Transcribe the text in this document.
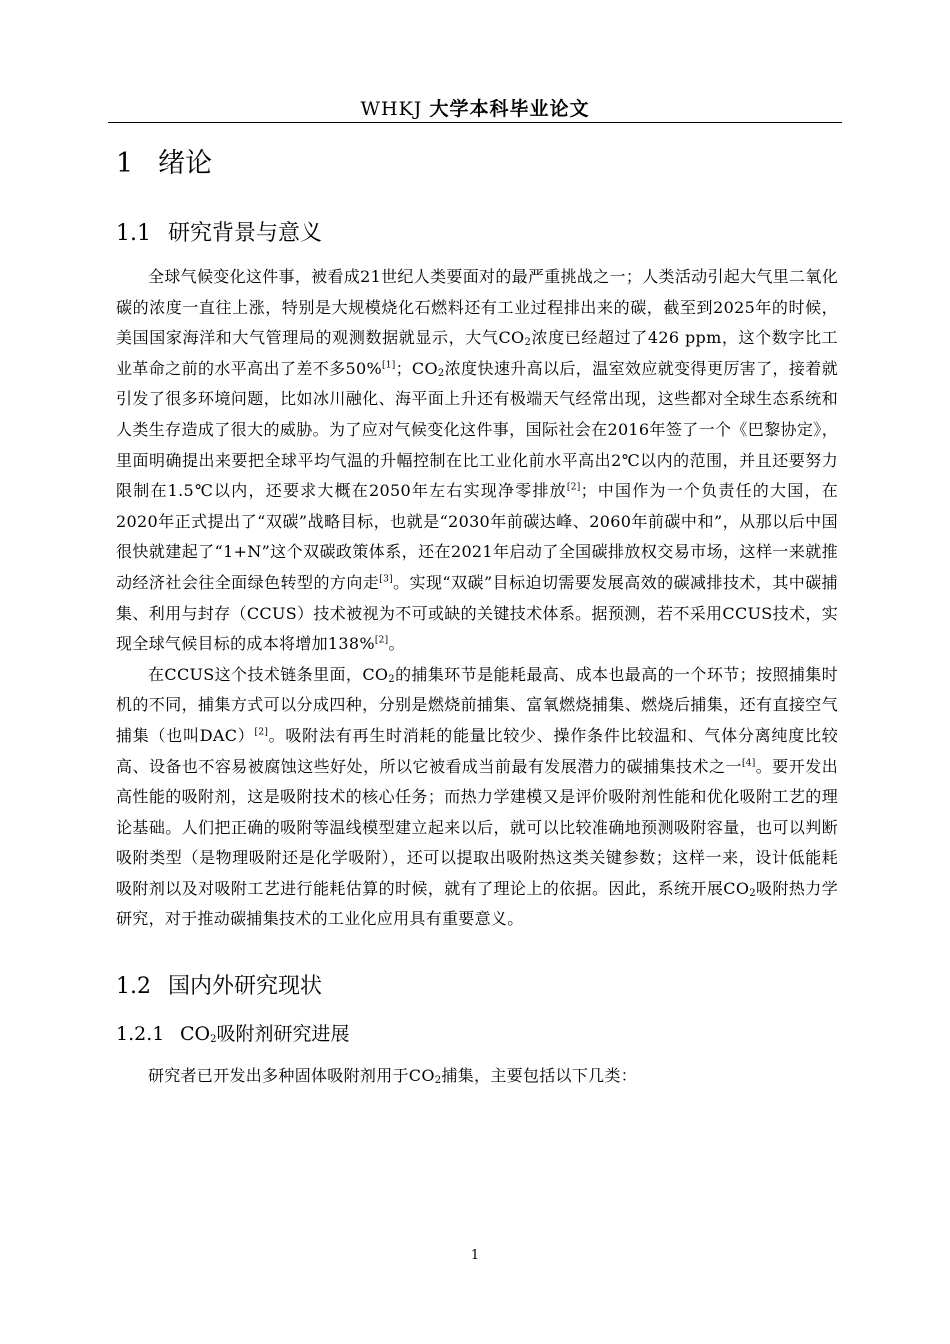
WHKJ 大学本科毕业论文
1 绪论
1.1 研究背景与意义

全球气候变化这件事，被看成21世纪人类要面对的最严重挑战之一；人类活动引起大气里二氧化碳的浓度一直往上涨，特别是大规模烧化石燃料还有工业过程排出来的碳，截至到2025年的时候，美国国家海洋和大气管理局的观测数据就显示，大气$CO_2$浓度已经超过了426 ppm，这个数字比工业革命之前的水平高出了差不多50%[1]；$CO_2$浓度快速升高以后，温室效应就变得更厉害了，接着就引发了很多环境问题，比如冰川融化、海平面上升还有极端天气经常出现，这些都对全球生态系统和人类生存造成了很大的威胁。为了应对气候变化这件事，国际社会在2016年签了一个《巴黎协定》，里面明确提出来要把全球平均气温的升幅控制在比工业化前水平高出2℃以内的范围，并且还要努力限制在1.5℃以内，还要求大概在2050年左右实现净零排放[2]；中国作为一个负责任的大国，在2020年正式提出了“双碳”战略目标，也就是“2030年前碳达峰、2060年前碳中和”，从那以后中国很快就建起了“1+N”这个双碳政策体系，还在2021年启动了全国碳排放权交易市场，这样一来就推动经济社会往全面绿色转型的方向走[3]。实现“双碳”目标迫切需要发展高效的碳减排技术，其中碳捕集、利用与封存（CCUS）技术被视为不可或缺的关键技术体系。据预测，若不采用CCUS技术，实现全球气候目标的成本将增加138%[2]。

在CCUS这个技术链条里面，$CO_2$的捕集环节是能耗最高、成本也最高的一个环节；按照捕集时机的不同，捕集方式可以分成四种，分别是燃烧前捕集、富氧燃烧捕集、燃烧后捕集，还有直接空气捕集（也叫DAC）[2]。吸附法有再生时消耗的能量比较少、操作条件比较温和、气体分离纯度比较高、设备也不容易被腐蚀这些好处，所以它被看成当前最有发展潜力的碳捕集技术之一[4]。要开发出高性能的吸附剂，这是吸附技术的核心任务；而热力学建模又是评价吸附剂性能和优化吸附工艺的理论基础。人们把正确的吸附等温线模型建立起来以后，就可以比较准确地预测吸附容量，也可以判断吸附类型（是物理吸附还是化学吸附），还可以提取出吸附热这类关键参数；这样一来，设计低能耗吸附剂以及对吸附工艺进行能耗估算的时候，就有了理论上的依据。因此，系统开展$CO_2$吸附热力学研究，对于推动碳捕集技术的工业化应用具有重要意义。

1.2 国内外研究现状
1.2.1 $CO_2$吸附剂研究进展

研究者已开发出多种固体吸附剂用于$CO_2$捕集，主要包括以下几类：

1
